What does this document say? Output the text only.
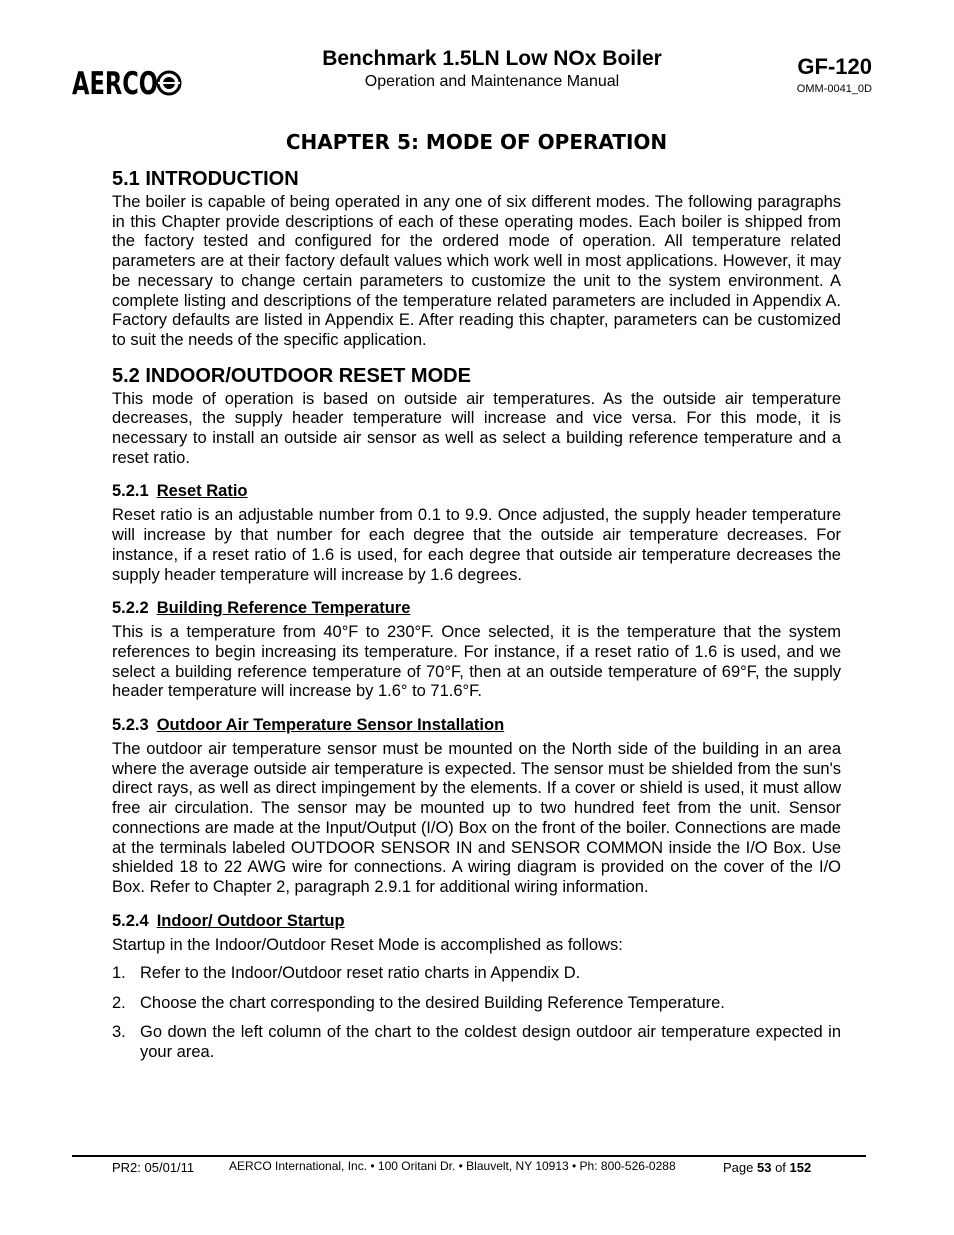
AERCO
Benchmark 1.5LN Low NOx Boiler
Operation and Maintenance Manual
GF-120
OMM-0041_0D
CHAPTER 5: MODE OF OPERATION
5.1 INTRODUCTION

The boiler is capable of being operated in any one of six different modes. The following paragraphs in this Chapter provide descriptions of each of these operating modes. Each boiler is shipped from the factory tested and configured for the ordered mode of operation. All temperature related parameters are at their factory default values which work well in most applications. However, it may be necessary to change certain parameters to customize the unit to the system environment. A complete listing and descriptions of the temperature related parameters are included in Appendix A. Factory defaults are listed in Appendix E. After reading this chapter, parameters can be customized to suit the needs of the specific application.

5.2 INDOOR/OUTDOOR RESET MODE

This mode of operation is based on outside air temperatures. As the outside air temperature decreases, the supply header temperature will increase and vice versa. For this mode, it is necessary to install an outside air sensor as well as select a building reference temperature and a reset ratio.

5.2.1 Reset Ratio

Reset ratio is an adjustable number from 0.1 to 9.9. Once adjusted, the supply header temperature will increase by that number for each degree that the outside air temperature decreases. For instance, if a reset ratio of 1.6 is used, for each degree that outside air temperature decreases the supply header temperature will increase by 1.6 degrees.

5.2.2 Building Reference Temperature

This is a temperature from 40°F to 230°F. Once selected, it is the temperature that the system references to begin increasing its temperature. For instance, if a reset ratio of 1.6 is used, and we select a building reference temperature of 70°F, then at an outside temperature of 69°F, the supply header temperature will increase by 1.6° to 71.6°F.

5.2.3 Outdoor Air Temperature Sensor Installation

The outdoor air temperature sensor must be mounted on the North side of the building in an area where the average outside air temperature is expected. The sensor must be shielded from the sun's direct rays, as well as direct impingement by the elements. If a cover or shield is used, it must allow free air circulation. The sensor may be mounted up to two hundred feet from the unit. Sensor connections are made at the Input/Output (I/O) Box on the front of the boiler. Connections are made at the terminals labeled OUTDOOR SENSOR IN and SENSOR COMMON inside the I/O Box. Use shielded 18 to 22 AWG wire for connections. A wiring diagram is provided on the cover of the I/O Box. Refer to Chapter 2, paragraph 2.9.1 for additional wiring information.

5.2.4 Indoor/ Outdoor Startup

Startup in the Indoor/Outdoor Reset Mode is accomplished as follows:

1. Refer to the Indoor/Outdoor reset ratio charts in Appendix D.
2. Choose the chart corresponding to the desired Building Reference Temperature.
3. Go down the left column of the chart to the coldest design outdoor air temperature expected in your area.
PR2: 05/01/11	AERCO International, Inc. • 100 Oritani Dr. • Blauvelt, NY 10913 • Ph: 800-526-0288	Page 53 of 152
